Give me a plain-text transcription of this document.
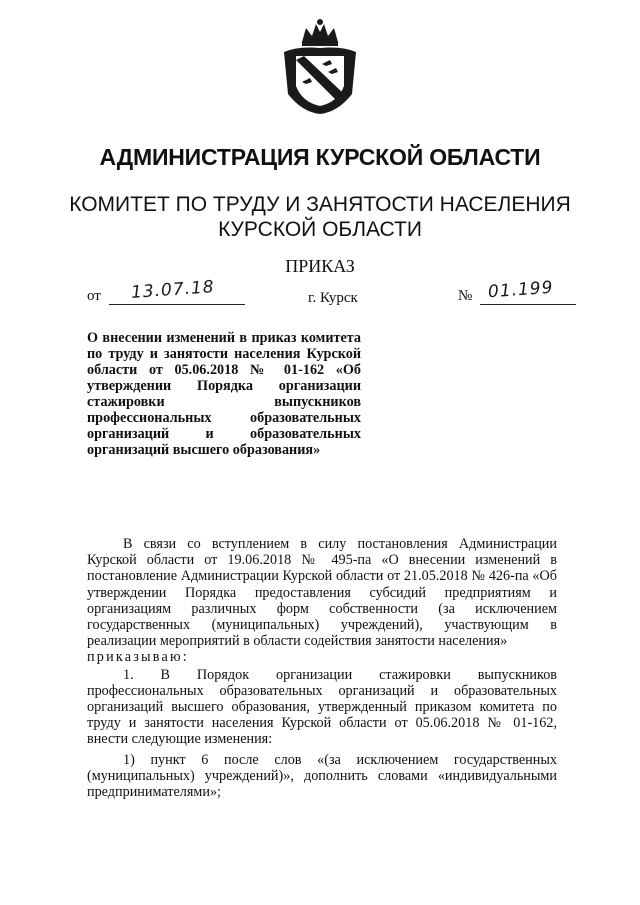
АДМИНИСТРАЦИЯ КУРСКОЙ ОБЛАСТИ
КОМИТЕТ ПО ТРУДУ И ЗАНЯТОСТИ НАСЕЛЕНИЯ
КУРСКОЙ ОБЛАСТИ
ПРИКАЗ
от 13.07.18	г. Курск	№ 01.199
О внесении изменений в приказ комитета по труду и занятости населения Курской области от 05.06.2018 № 01-162 «Об утверждении Порядка организации стажировки выпускников профессиональных образовательных организаций и образовательных организаций высшего образования»

В связи со вступлением в силу постановления Администрации Курской области от 19.06.2018 № 495-па «О внесении изменений в постановление Администрации Курской области от 21.05.2018 № 426-па «Об утверждении Порядка предоставления субсидий предприятиям и организациям различных форм собственности (за исключением государственных (муниципальных) учреждений), участвующим в реализации мероприятий в области содействия занятости населения»

приказываю:

1. В Порядок организации стажировки выпускников профессиональных образовательных организаций и образовательных организаций высшего образования, утвержденный приказом комитета по труду и занятости населения Курской области от 05.06.2018 № 01-162, внести следующие изменения:

1) пункт 6 после слов «(за исключением государственных (муниципальных) учреждений)», дополнить словами «индивидуальными предпринимателями»;
